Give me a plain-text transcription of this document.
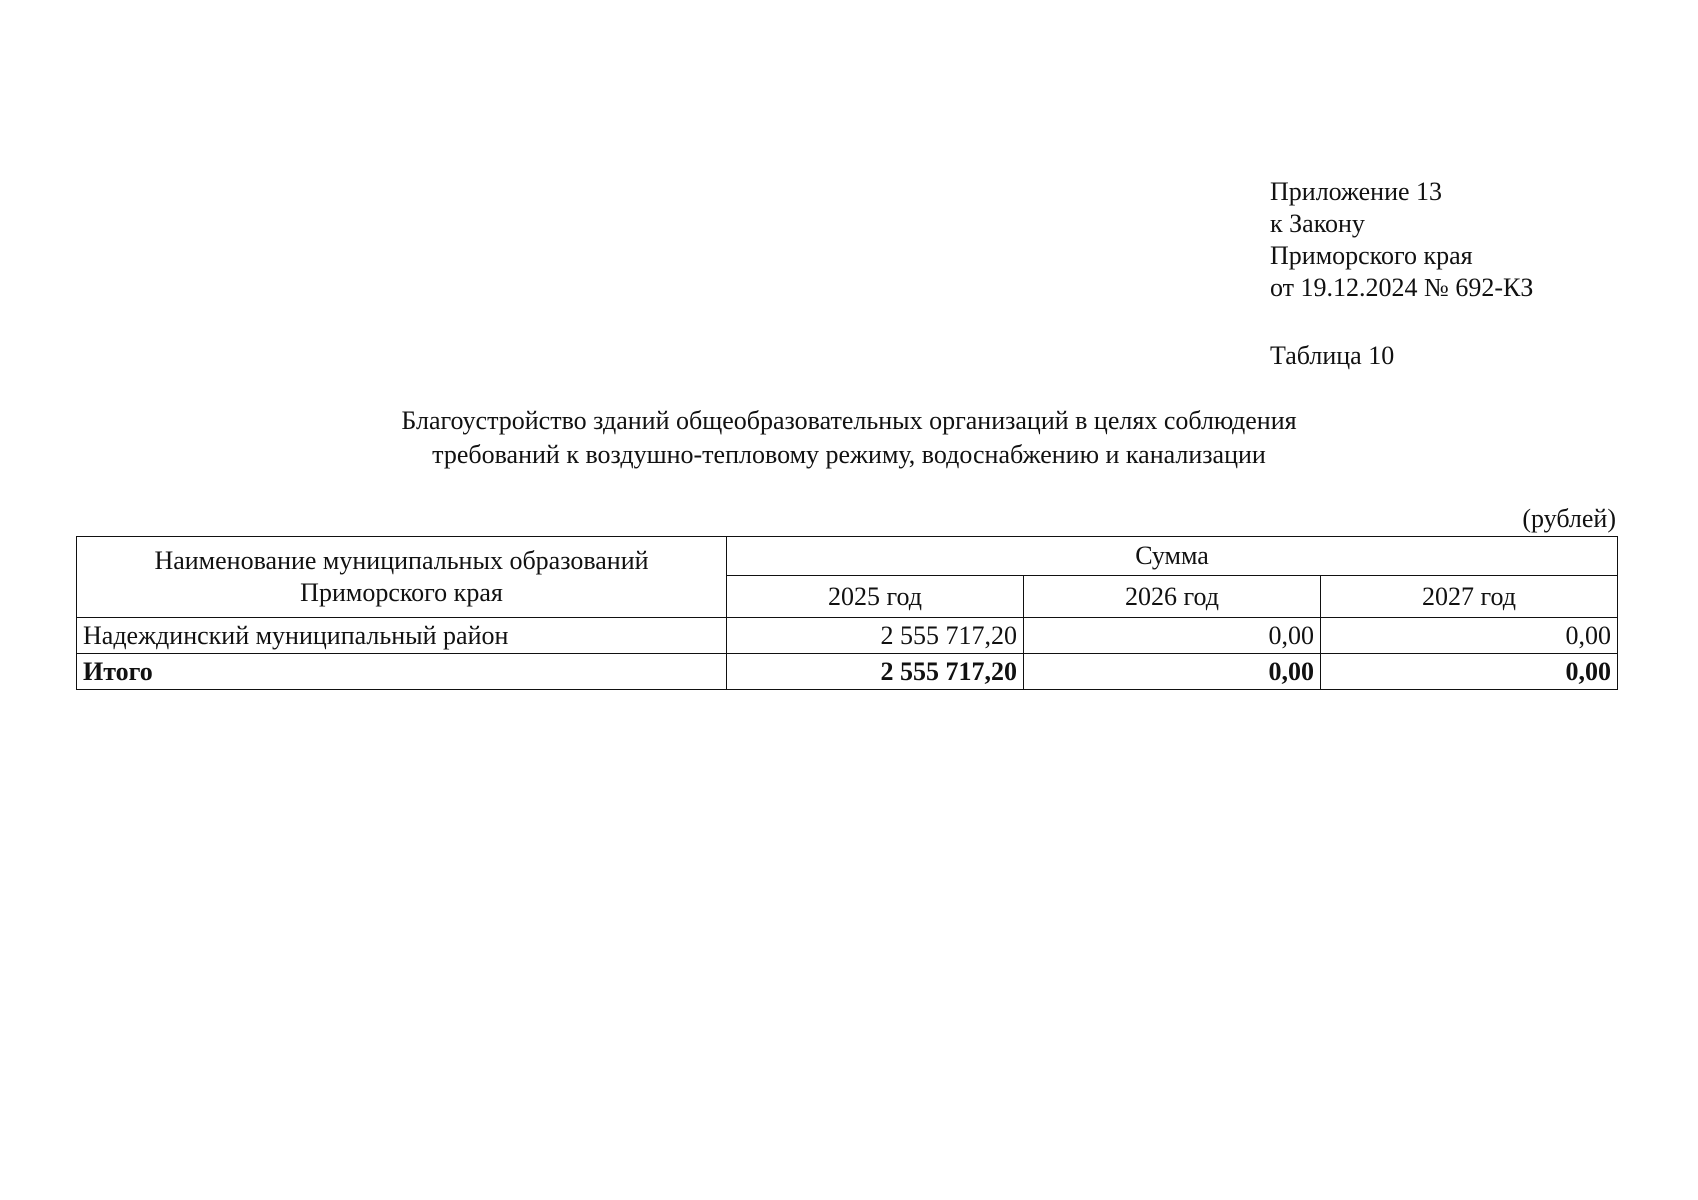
Приложение 13
к Закону
Приморского края
от 19.12.2024 № 692-КЗ
Таблица 10
Благоустройство зданий общеобразовательных организаций в целях соблюдения
требований к воздушно-тепловому режиму, водоснабжению и канализации
(рублей)
Наименование муниципальных образований
Приморского края	Сумма		
	2025 год	2026 год	2027 год
Надеждинский муниципальный район	2 555 717,20	0,00	0,00
Итого	2 555 717,20	0,00	0,00
